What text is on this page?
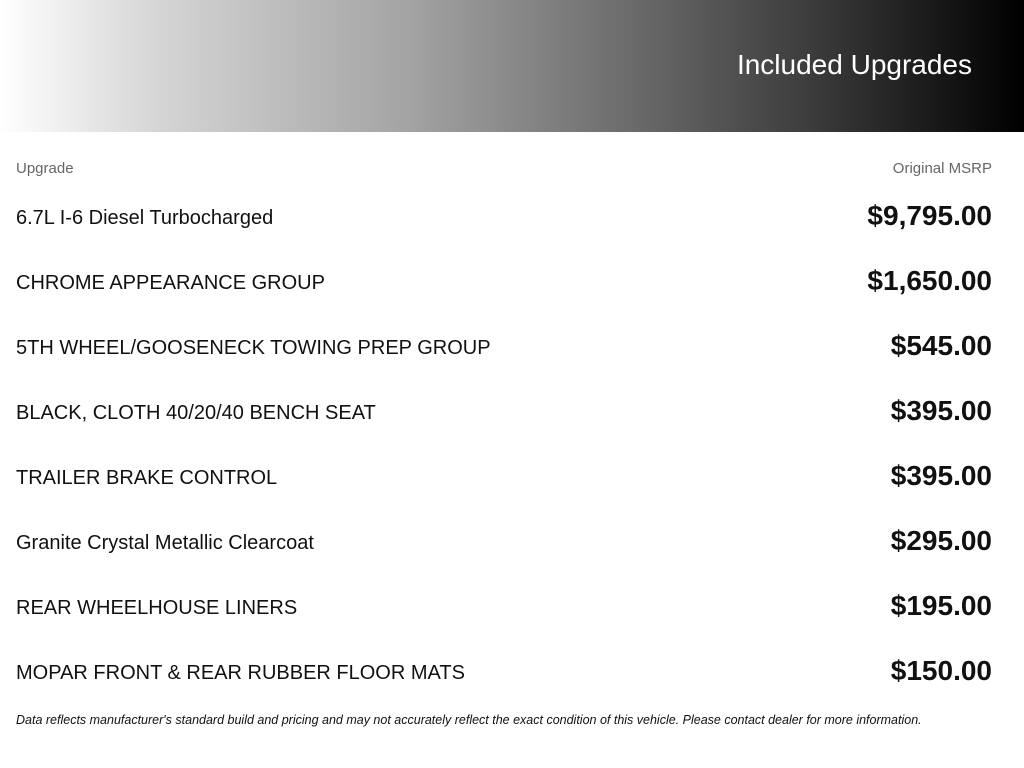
Included Upgrades
Upgrade	Original MSRP
6.7L I-6 Diesel Turbocharged	$9,795.00
CHROME APPEARANCE GROUP	$1,650.00
5TH WHEEL/GOOSENECK TOWING PREP GROUP	$545.00
BLACK, CLOTH 40/20/40 BENCH SEAT	$395.00
TRAILER BRAKE CONTROL	$395.00
Granite Crystal Metallic Clearcoat	$295.00
REAR WHEELHOUSE LINERS	$195.00
MOPAR FRONT & REAR RUBBER FLOOR MATS	$150.00
Data reflects manufacturer's standard build and pricing and may not accurately reflect the exact condition of this vehicle. Please contact dealer for more information.
